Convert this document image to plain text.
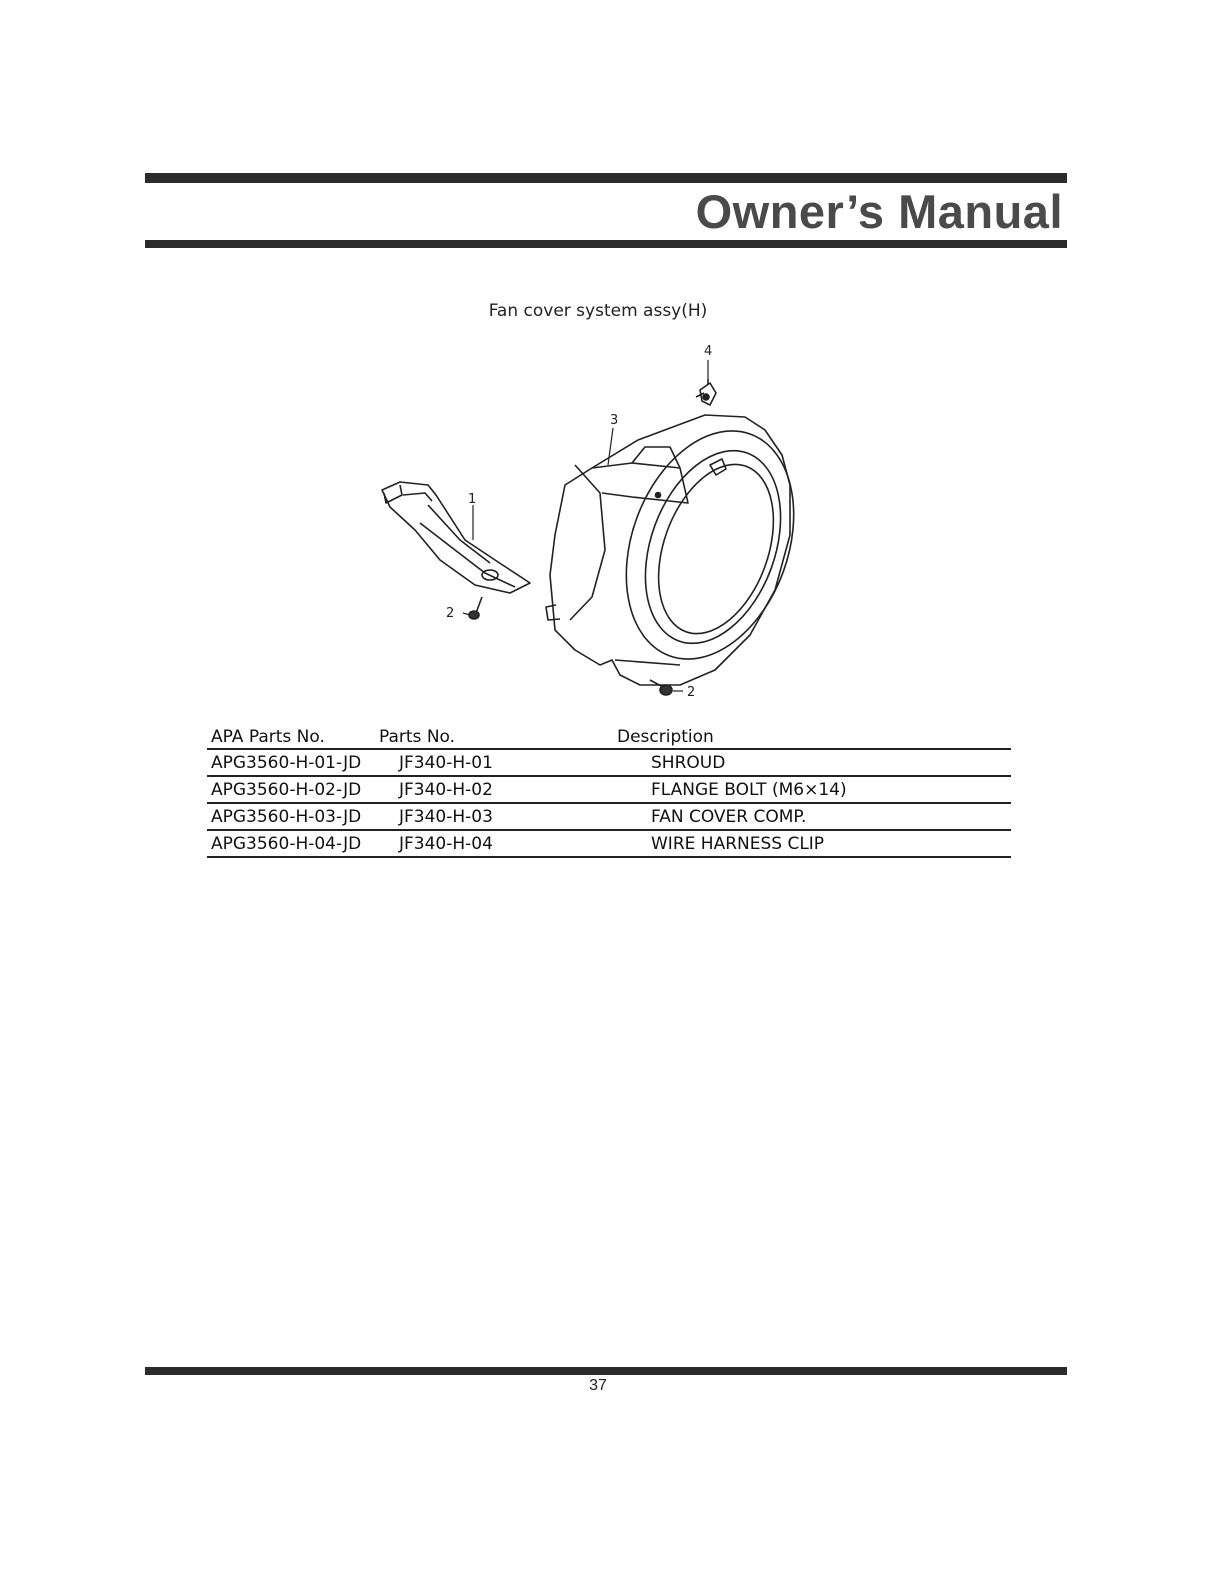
Owner’s Manual
Fan cover system assy(H)
1
2
2
3
4
APA Parts No.	Parts No.	Description
APG3560-H-01-JD	JF340-H-01	SHROUD
APG3560-H-02-JD	JF340-H-02	FLANGE BOLT (M6×14)
APG3560-H-03-JD	JF340-H-03	FAN COVER COMP.
APG3560-H-04-JD	JF340-H-04	WIRE HARNESS CLIP
37
